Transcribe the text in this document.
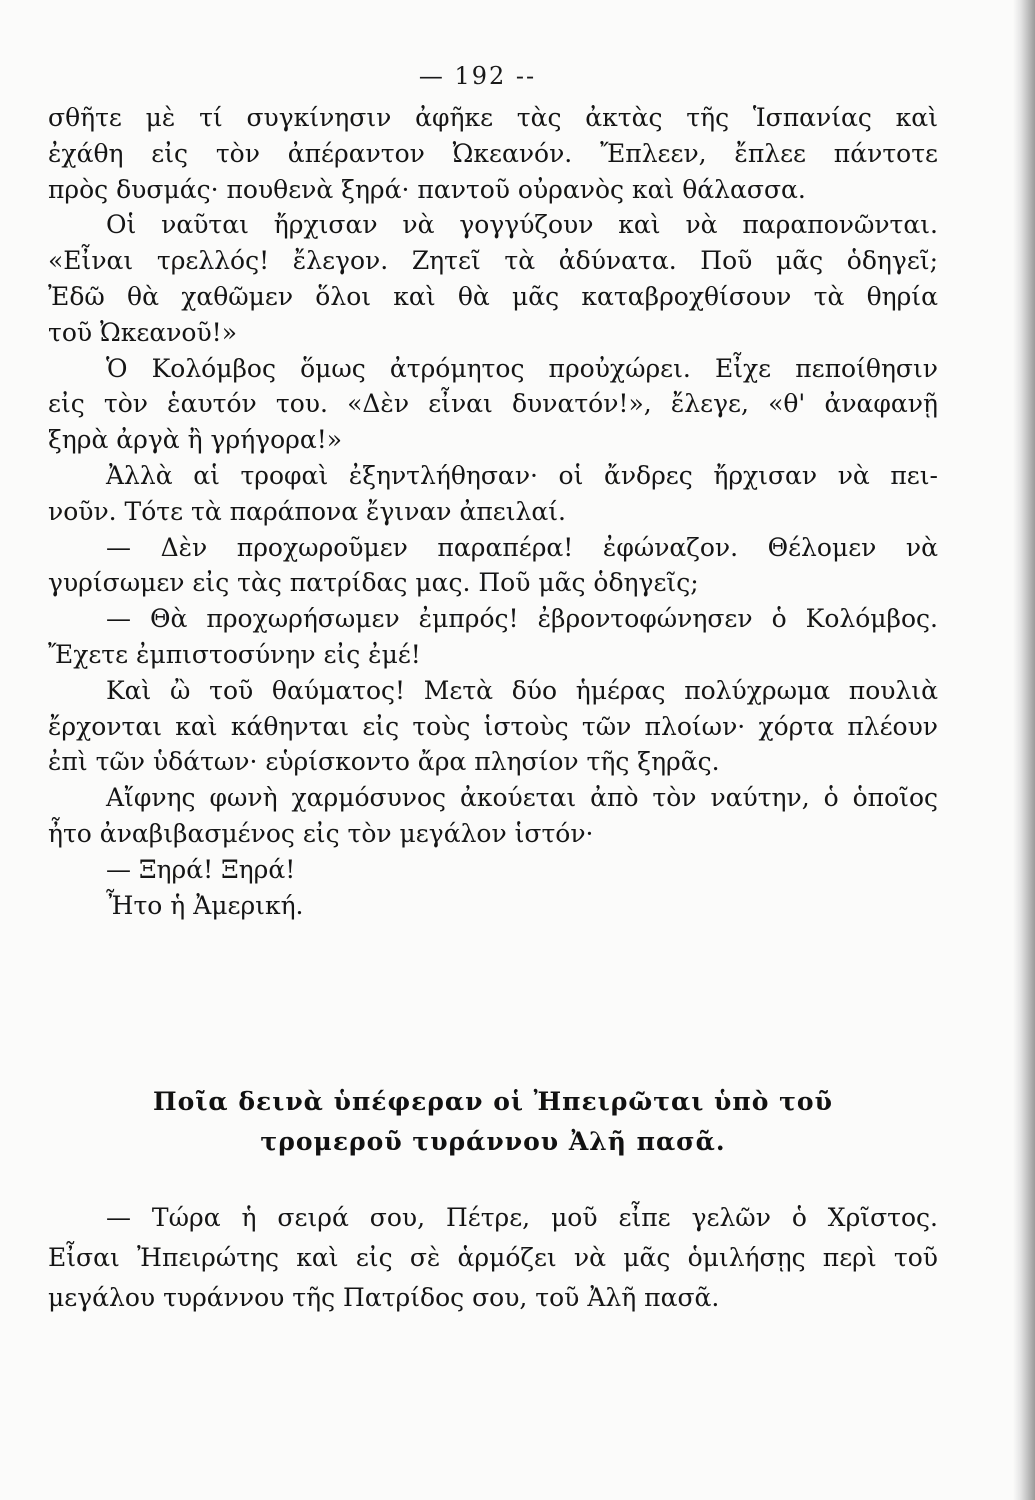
— 192 --
σθῆτε μὲ τί συγκίνησιν ἀφῆκε τὰς ἀκτὰς τῆς Ἱσπανίας καὶ
ἐχάθη εἰς τὸν ἀπέραντον Ὠκεανόν. Ἔπλεεν, ἔπλεε πάντοτε
πρὸς δυσμάς· πουθενὰ ξηρά· παντοῦ οὐρανὸς καὶ θάλασσα.
Οἱ ναῦται ἤρχισαν νὰ γογγύζουν καὶ νὰ παραπονῶνται.
«Εἶναι τρελλός! ἔλεγον. Ζητεῖ τὰ ἀδύνατα. Ποῦ μᾶς ὁδηγεῖ;
Ἐδῶ θὰ χαθῶμεν ὅλοι καὶ θὰ μᾶς καταβροχθίσουν τὰ θηρία
τοῦ Ὠκεανοῦ!»
Ὁ Κολόμβος ὅμως ἀτρόμητος προὐχώρει. Εἶχε πεποίθησιν
εἰς τὸν ἑαυτόν του. «Δὲν εἶναι δυνατόν!», ἔλεγε, «θ' ἀναφανῇ
ξηρὰ ἀργὰ ἢ γρήγορα!»
Ἀλλὰ αἱ τροφαὶ ἐξηντλήθησαν· οἱ ἄνδρες ἤρχισαν νὰ πει-
νοῦν. Τότε τὰ παράπονα ἔγιναν ἀπειλαί.
— Δὲν προχωροῦμεν παραπέρα! ἐφώναζον. Θέλομεν νὰ
γυρίσωμεν εἰς τὰς πατρίδας μας. Ποῦ μᾶς ὁδηγεῖς;
— Θὰ προχωρήσωμεν ἐμπρός! ἐβροντοφώνησεν ὁ Κολόμβος.
Ἔχετε ἐμπιστοσύνην εἰς ἐμέ!
Καὶ ὢ τοῦ θαύματος! Μετὰ δύο ἡμέρας πολύχρωμα πουλιὰ
ἔρχονται καὶ κάθηνται εἰς τοὺς ἱστοὺς τῶν πλοίων· χόρτα πλέουν
ἐπὶ τῶν ὑδάτων· εὑρίσκοντο ἄρα πλησίον τῆς ξηρᾶς.
Αἴφνης φωνὴ χαρμόσυνος ἀκούεται ἀπὸ τὸν ναύτην, ὁ ὁποῖος
ἦτο ἀναβιβασμένος εἰς τὸν μεγάλον ἱστόν·
— Ξηρά! Ξηρά!
Ἦτο ἡ Ἀμερική.
Ποῖα δεινὰ ὑπέφεραν οἱ Ἠπειρῶται ὑπὸ τοῦ
τρομεροῦ τυράννου Ἀλῆ πασᾶ.
— Τώρα ἡ σειρά σου, Πέτρε, μοῦ εἶπε γελῶν ὁ Χρῖστος.
Εἶσαι Ἠπειρώτης καὶ εἰς σὲ ἁρμόζει νὰ μᾶς ὁμιλήσῃς περὶ τοῦ
μεγάλου τυράννου τῆς Πατρίδος σου, τοῦ Ἀλῆ πασᾶ.
